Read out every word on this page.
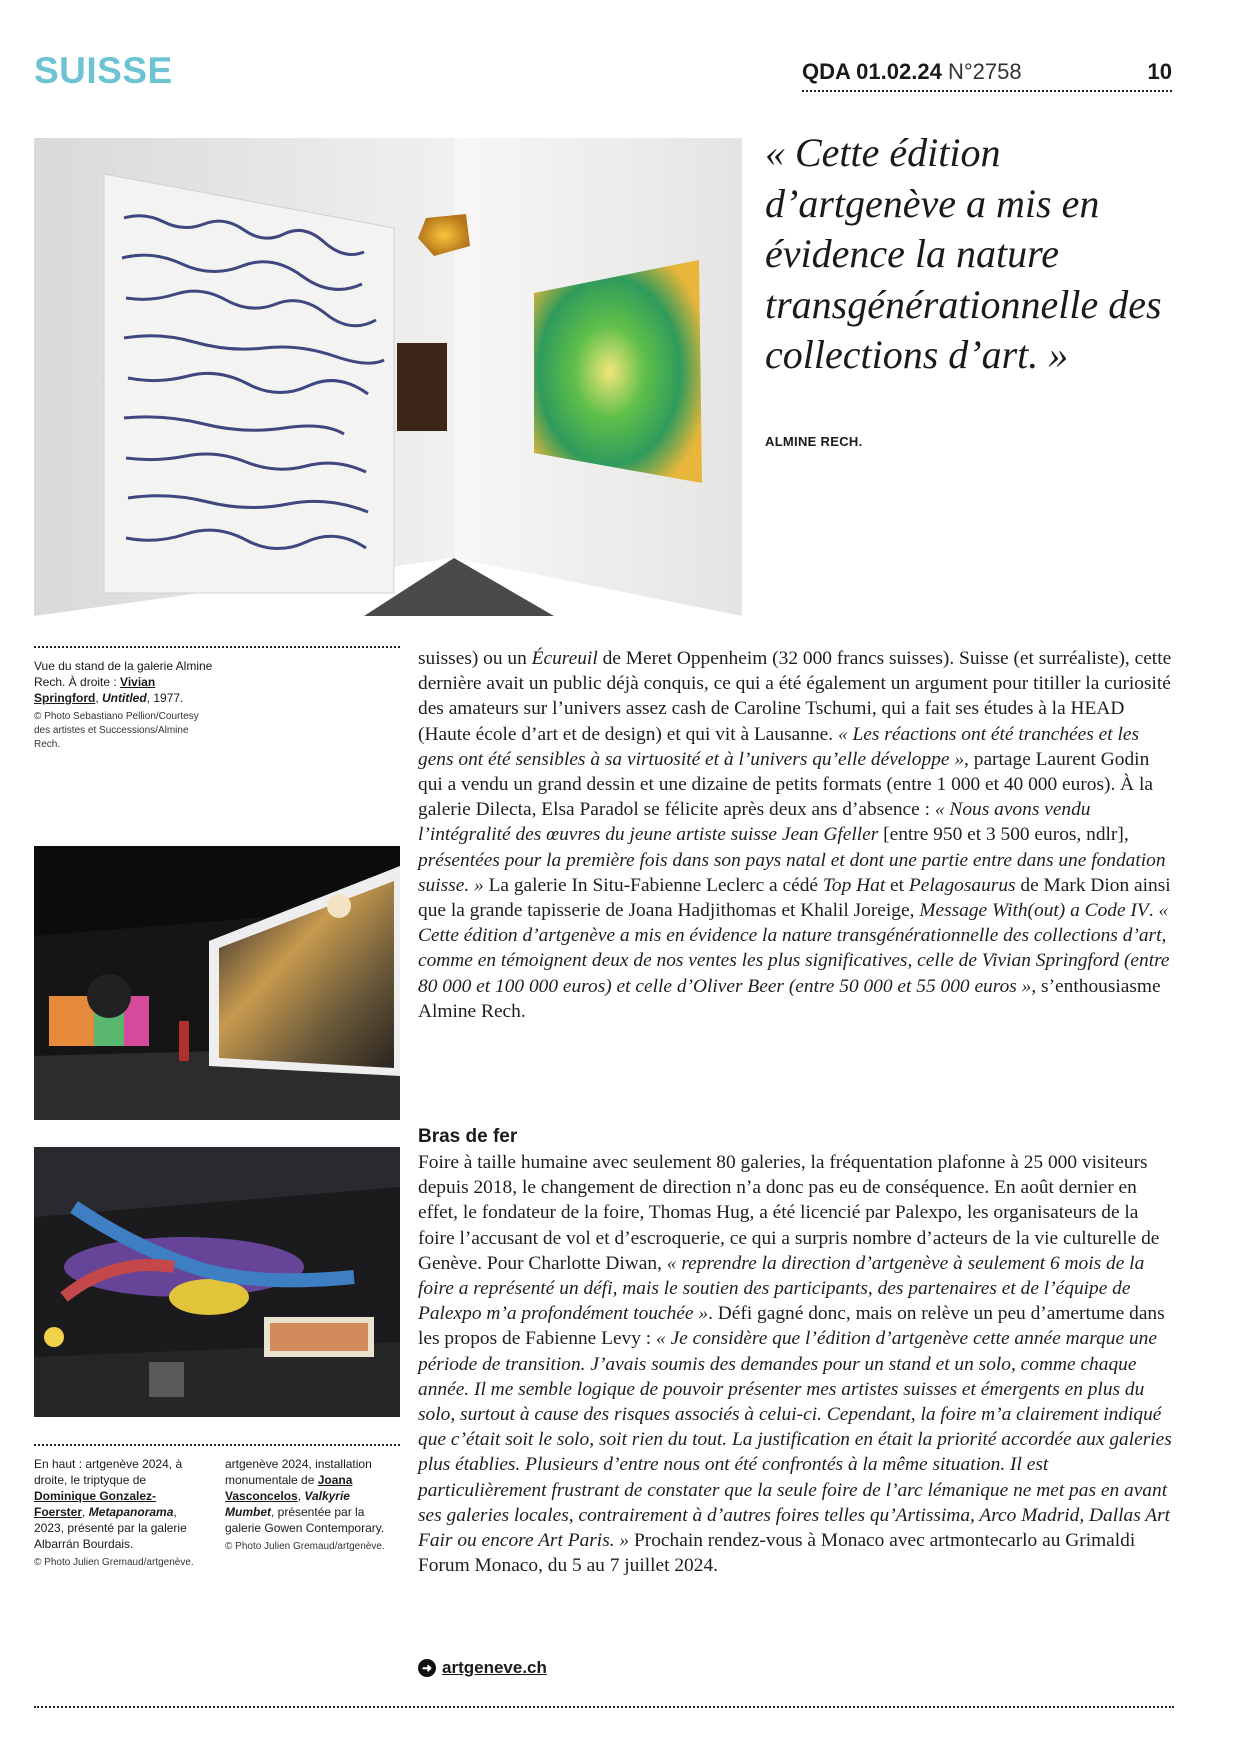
SUISSE	QDA 01.02.24 N°2758	10
« Cette édition d’artgenève a mis en évidence la nature transgénérationnelle des collections d’art. »
ALMINE RECH.
Vue du stand de la galerie Almine Rech. À droite : Vivian Springford, Untitled, 1977.
© Photo Sebastiano Pellion/Courtesy des artistes et Successions/Almine Rech.
En haut : artgenève 2024, à droite, le triptyque de Dominique Gonzalez-Foerster, Metapanorama, 2023, présenté par la galerie Albarrán Bourdais.
© Photo Julien Gremaud/artgenève.
artgenève 2024, installation monumentale de Joana Vasconcelos, Valkyrie Mumbet, présentée par la galerie Gowen Contemporary.
© Photo Julien Gremaud/artgenève.

suisses) ou un Écureuil de Meret Oppenheim (32 000 francs suisses). Suisse (et surréaliste), cette dernière avait un public déjà conquis, ce qui a été également un argument pour titiller la curiosité des amateurs sur l’univers assez cash de Caroline Tschumi, qui a fait ses études à la HEAD (Haute école d’art et de design) et qui vit à Lausanne. « Les réactions ont été tranchées et les gens ont été sensibles à sa virtuosité et à l’univers qu’elle développe », partage Laurent Godin qui a vendu un grand dessin et une dizaine de petits formats (entre 1 000 et 40 000 euros). À la galerie Dilecta, Elsa Paradol se félicite après deux ans d’absence : « Nous avons vendu l’intégralité des œuvres du jeune artiste suisse Jean Gfeller [entre 950 et 3 500 euros, ndlr], présentées pour la première fois dans son pays natal et dont une partie entre dans une fondation suisse. » La galerie In Situ-Fabienne Leclerc a cédé Top Hat et Pelagosaurus de Mark Dion ainsi que la grande tapisserie de Joana Hadjithomas et Khalil Joreige, Message With(out) a Code IV. « Cette édition d’artgenève a mis en évidence la nature transgénérationnelle des collections d’art, comme en témoignent deux de nos ventes les plus significatives, celle de Vivian Springford (entre 80 000 et 100 000 euros) et celle d’Oliver Beer (entre 50 000 et 55 000 euros », s’enthousiasme Almine Rech.

Bras de fer

Foire à taille humaine avec seulement 80 galeries, la fréquentation plafonne à 25 000 visiteurs depuis 2018, le changement de direction n’a donc pas eu de conséquence. En août dernier en effet, le fondateur de la foire, Thomas Hug, a été licencié par Palexpo, les organisateurs de la foire l’accusant de vol et d’escroquerie, ce qui a surpris nombre d’acteurs de la vie culturelle de Genève. Pour Charlotte Diwan, « reprendre la direction d’artgenève à seulement 6 mois de la foire a représenté un défi, mais le soutien des participants, des partenaires et de l’équipe de Palexpo m’a profondément touchée ». Défi gagné donc, mais on relève un peu d’amertume dans les propos de Fabienne Levy : « Je considère que l’édition d’artgenève cette année marque une période de transition. J’avais soumis des demandes pour un stand et un solo, comme chaque année. Il me semble logique de pouvoir présenter mes artistes suisses et émergents en plus du solo, surtout à cause des risques associés à celui-ci. Cependant, la foire m’a clairement indiqué que c’était soit le solo, soit rien du tout. La justification en était la priorité accordée aux galeries plus établies. Plusieurs d’entre nous ont été confrontés à la même situation. Il est particulièrement frustrant de constater que la seule foire de l’arc lémanique ne met pas en avant ses galeries locales, contrairement à d’autres foires telles qu’Artissima, Arco Madrid, Dallas Art Fair ou encore Art Paris. » Prochain rendez-vous à Monaco avec artmontecarlo au Grimaldi Forum Monaco, du 5 au 7 juillet 2024.

➜ artgeneve.ch
